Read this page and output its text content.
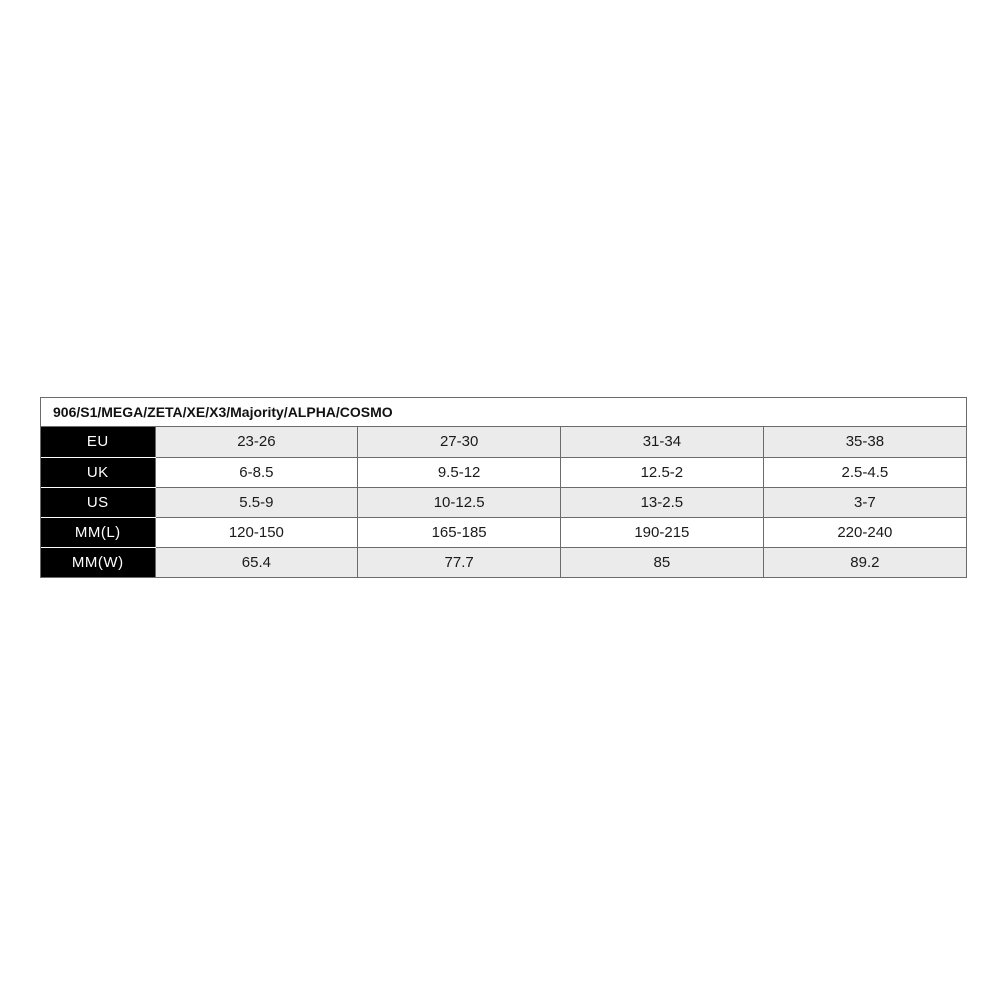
906/S1/MEGA/ZETA/XE/X3/Majority/ALPHA/COSMO
EU	23-26	27-30	31-34	35-38
UK	6-8.5	9.5-12	12.5-2	2.5-4.5
US	5.5-9	10-12.5	13-2.5	3-7
MM(L)	120-150	165-185	190-215	220-240
MM(W)	65.4	77.7	85	89.2
